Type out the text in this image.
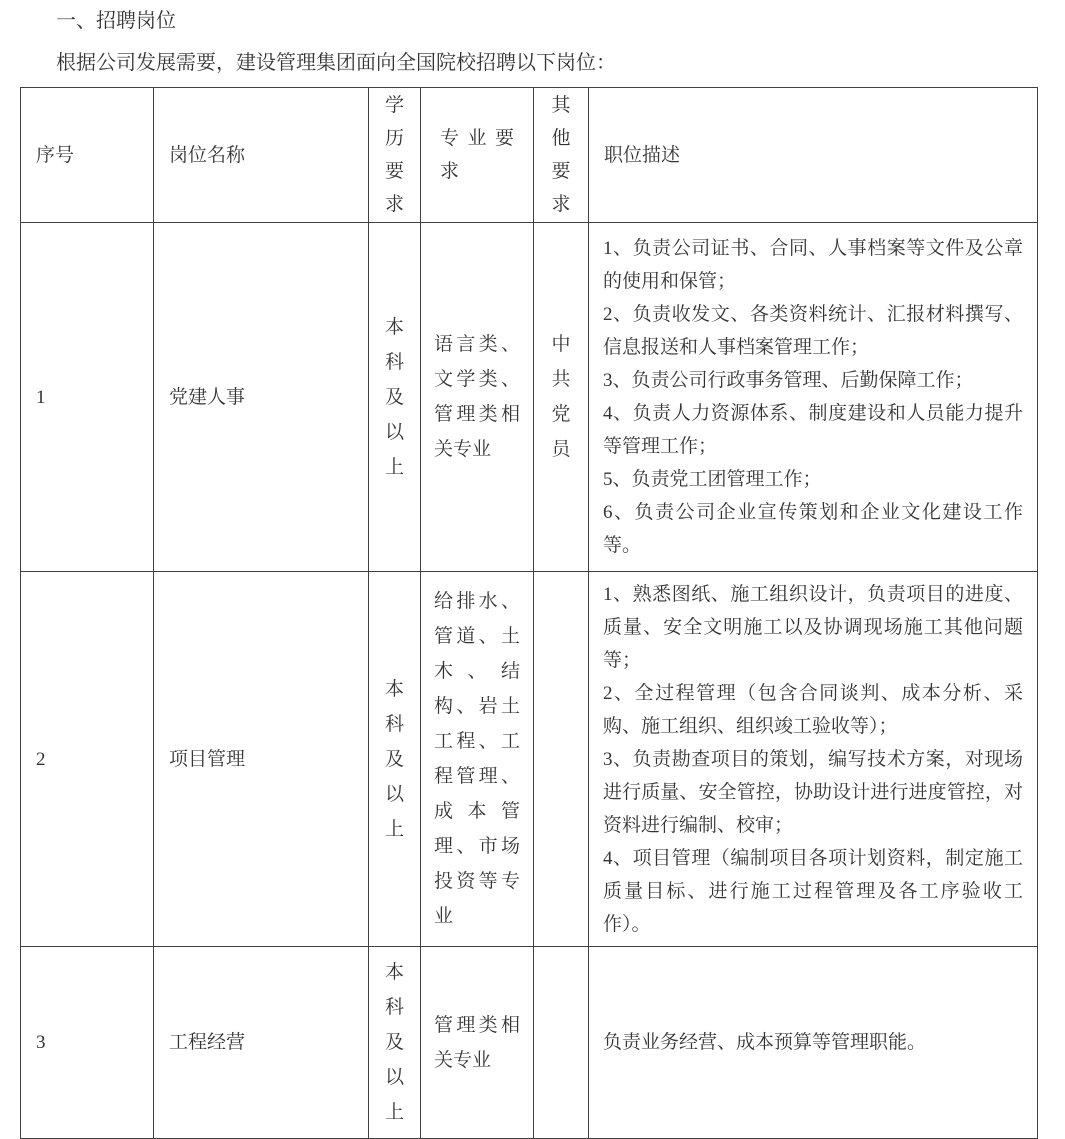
一、招聘岗位

根据公司发展需要，建设管理集团面向全国院校招聘以下岗位：

序号	岗位名称	学历要求	专业要求	其他要求	职位描述
1	党建人事	本科及以上	语言类、文学类、管理类相关专业	中共党员	
1、负责公司证书、合同、人事档案等文件及公章的使用和保管；
2、负责收发文、各类资料统计、汇报材料撰写、信息报送和人事档案管理工作；
3、负责公司行政事务管理、后勤保障工作；
4、负责人力资源体系、制度建设和人员能力提升等管理工作；
5、负责党工团管理工作；
6、负责公司企业宣传策划和企业文化建设工作等。

2	项目管理	本科及以上	给排水、管道、土木、结构、岩土工程、工程管理、成本管理、市场投资等专业		1、熟悉图纸、施工组织设计，负责项目的进度、质量、安全文明施工以及协调现场施工其他问题等；
2、全过程管理（包含合同谈判、成本分析、采购、施工组织、组织竣工验收等）；
3、负责勘查项目的策划，编写技术方案，对现场进行质量、安全管控，协助设计进行进度管控，对资料进行编制、校审；
4、项目管理（编制项目各项计划资料，制定施工质量目标、进行施工过程管理及各工序验收工作）。

3	工程经营	本科及以上	管理类相关专业		负责业务经营、成本预算等管理职能。
